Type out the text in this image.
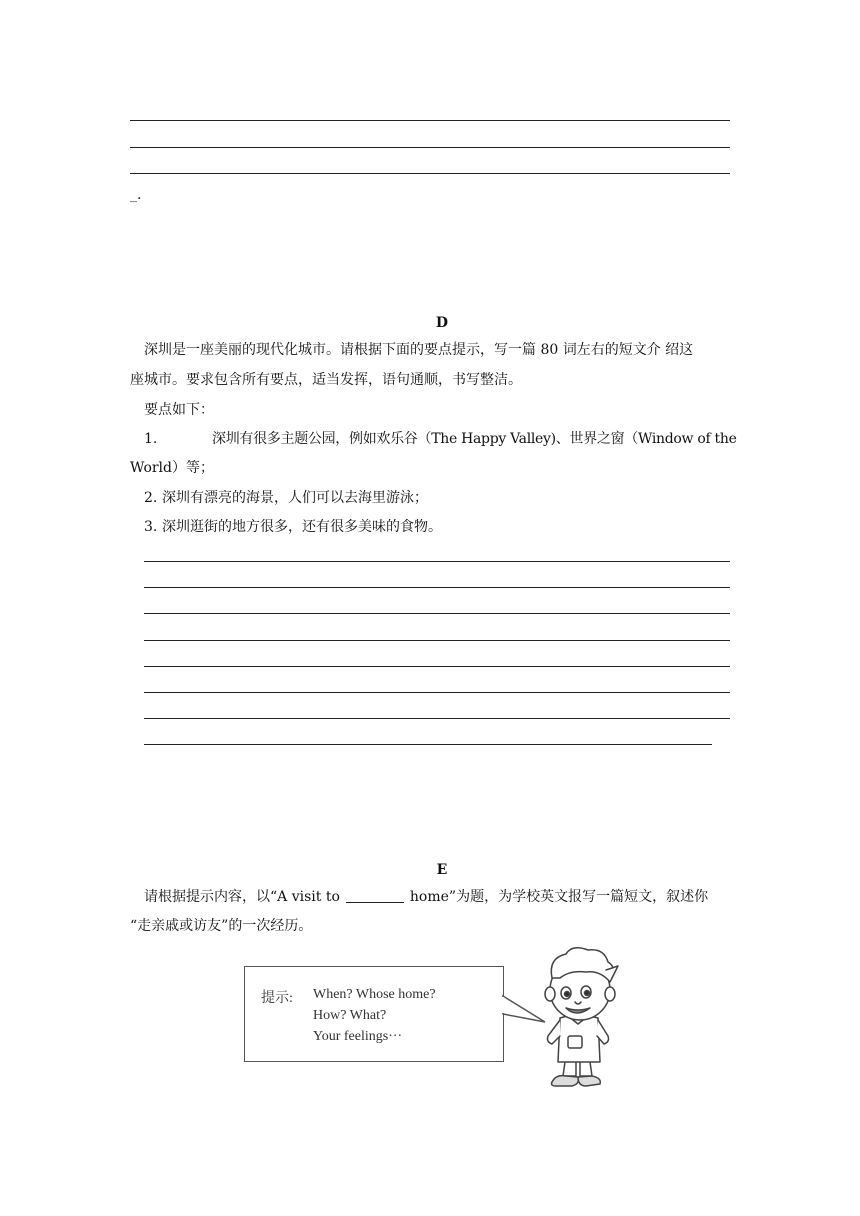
_.
D
深圳是一座美丽的现代化城市。请根据下面的要点提示，写一篇 80 词左右的短文介 绍这
座城市。要求包含所有要点，适当发挥，语句通顺，书写整洁。
要点如下：
1.	深圳有很多主题公园，例如欢乐谷（The Happy Valley)、世界之窗（Window of the
World）等；
2. 深圳有漂亮的海景，人们可以去海里游泳；
3. 深圳逛街的地方很多，还有很多美味的食物。
E
请根据提示内容，以“A visit to	home”为题，为学校英文报写一篇短文，叙述你
“走亲戚或访友”的一次经历。
提示: When? Whose home?
How? What?
Your feelings···
